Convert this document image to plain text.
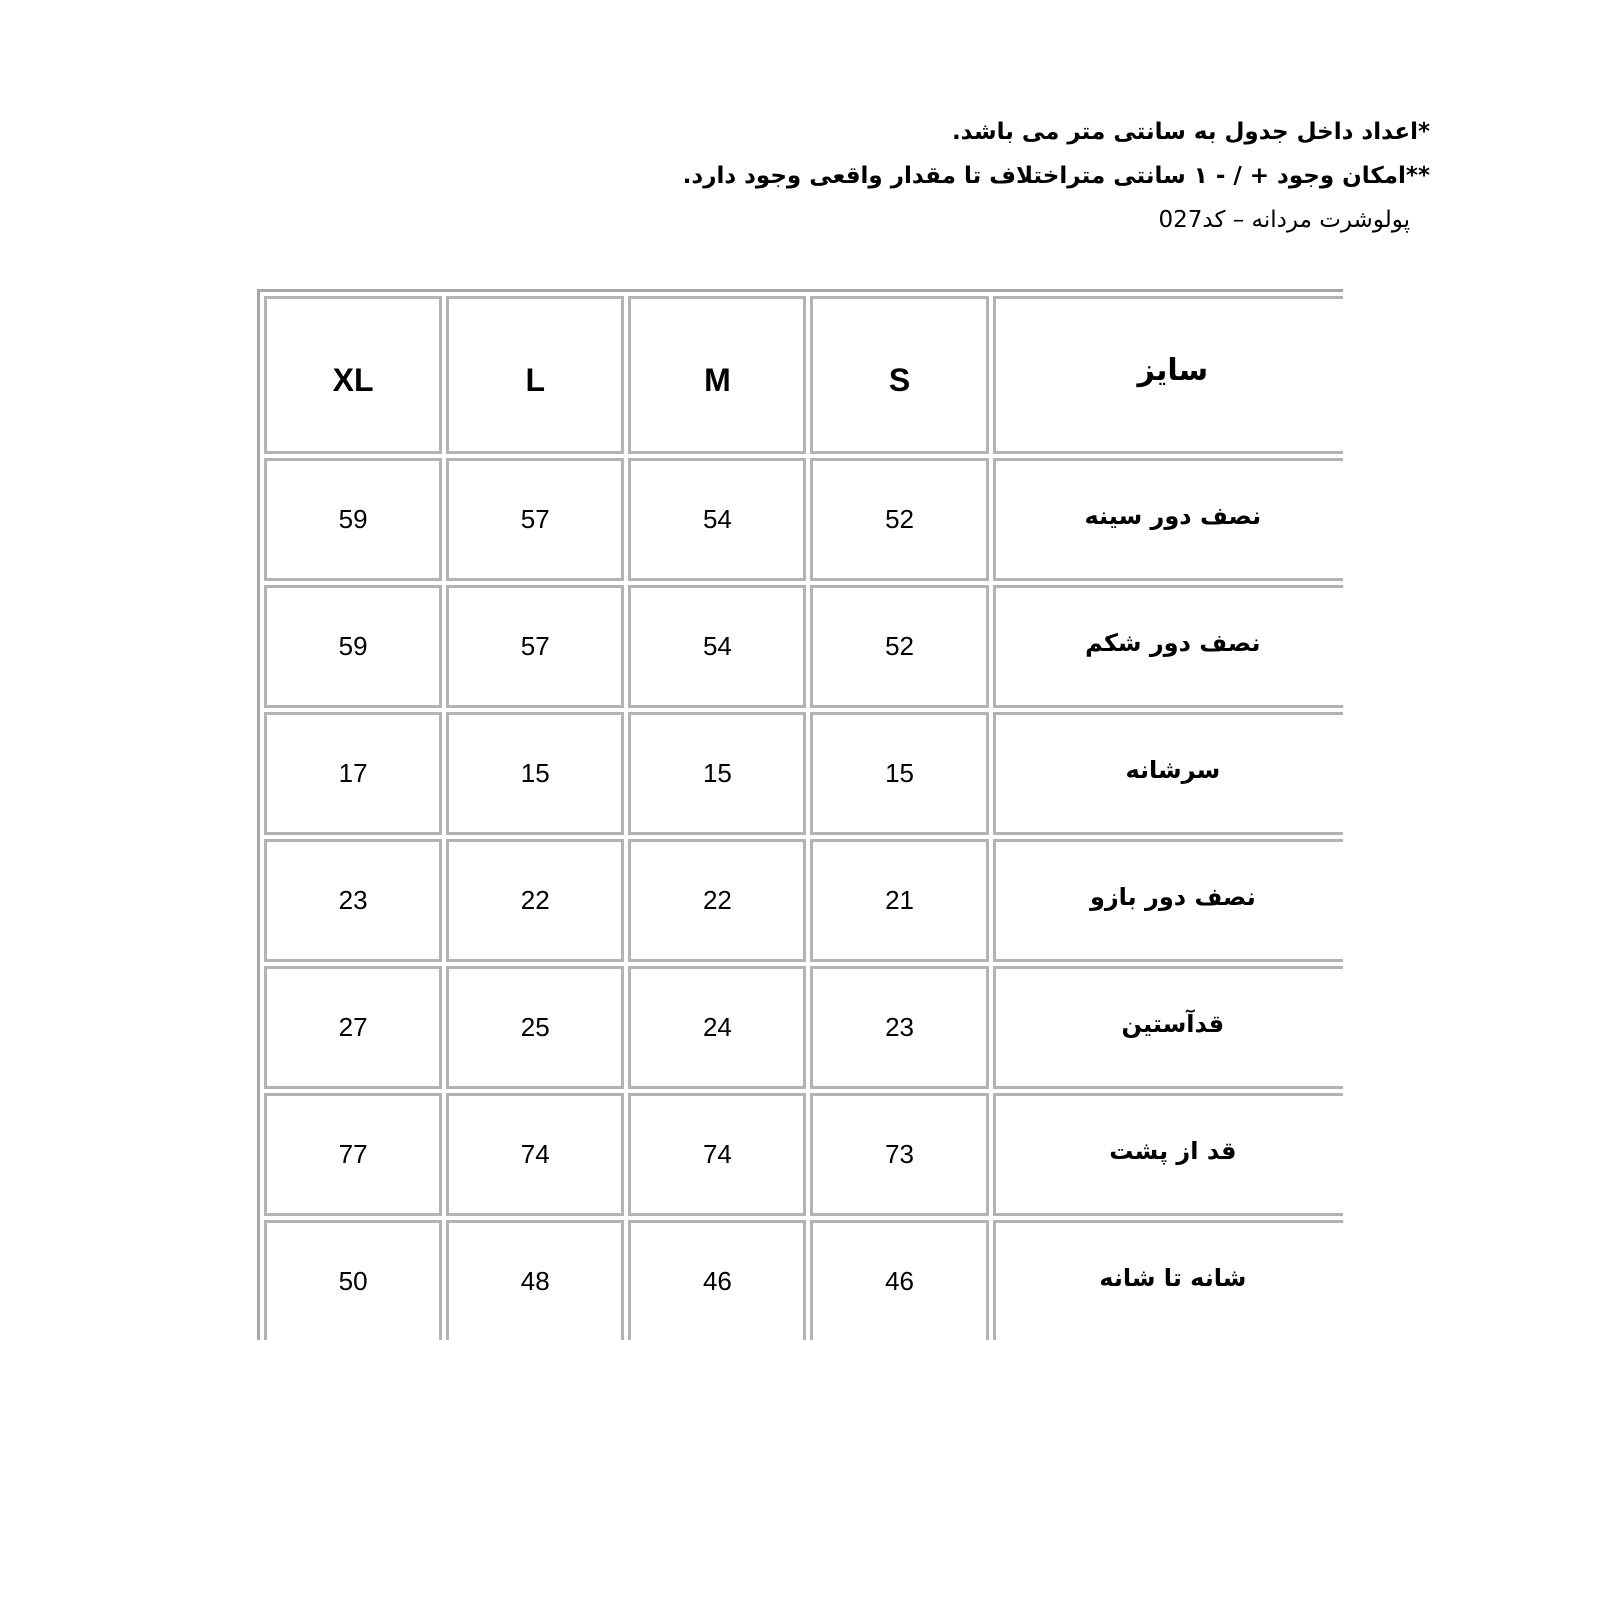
*اعداد داخل جدول به سانتی متر می باشد.
**امکان وجود + / - ۱ سانتی متراختلاف تا مقدار واقعی وجود دارد.
پولوشرت مردانه – کد027
سایز	S	M	L	XL
نصف دور سینه	52	54	57	59
نصف دور شکم	52	54	57	59
سرشانه	15	15	15	17
نصف دور بازو	21	22	22	23
قدآستین	23	24	25	27
قد از پشت	73	74	74	77
شانه تا شانه	46	46	48	50
